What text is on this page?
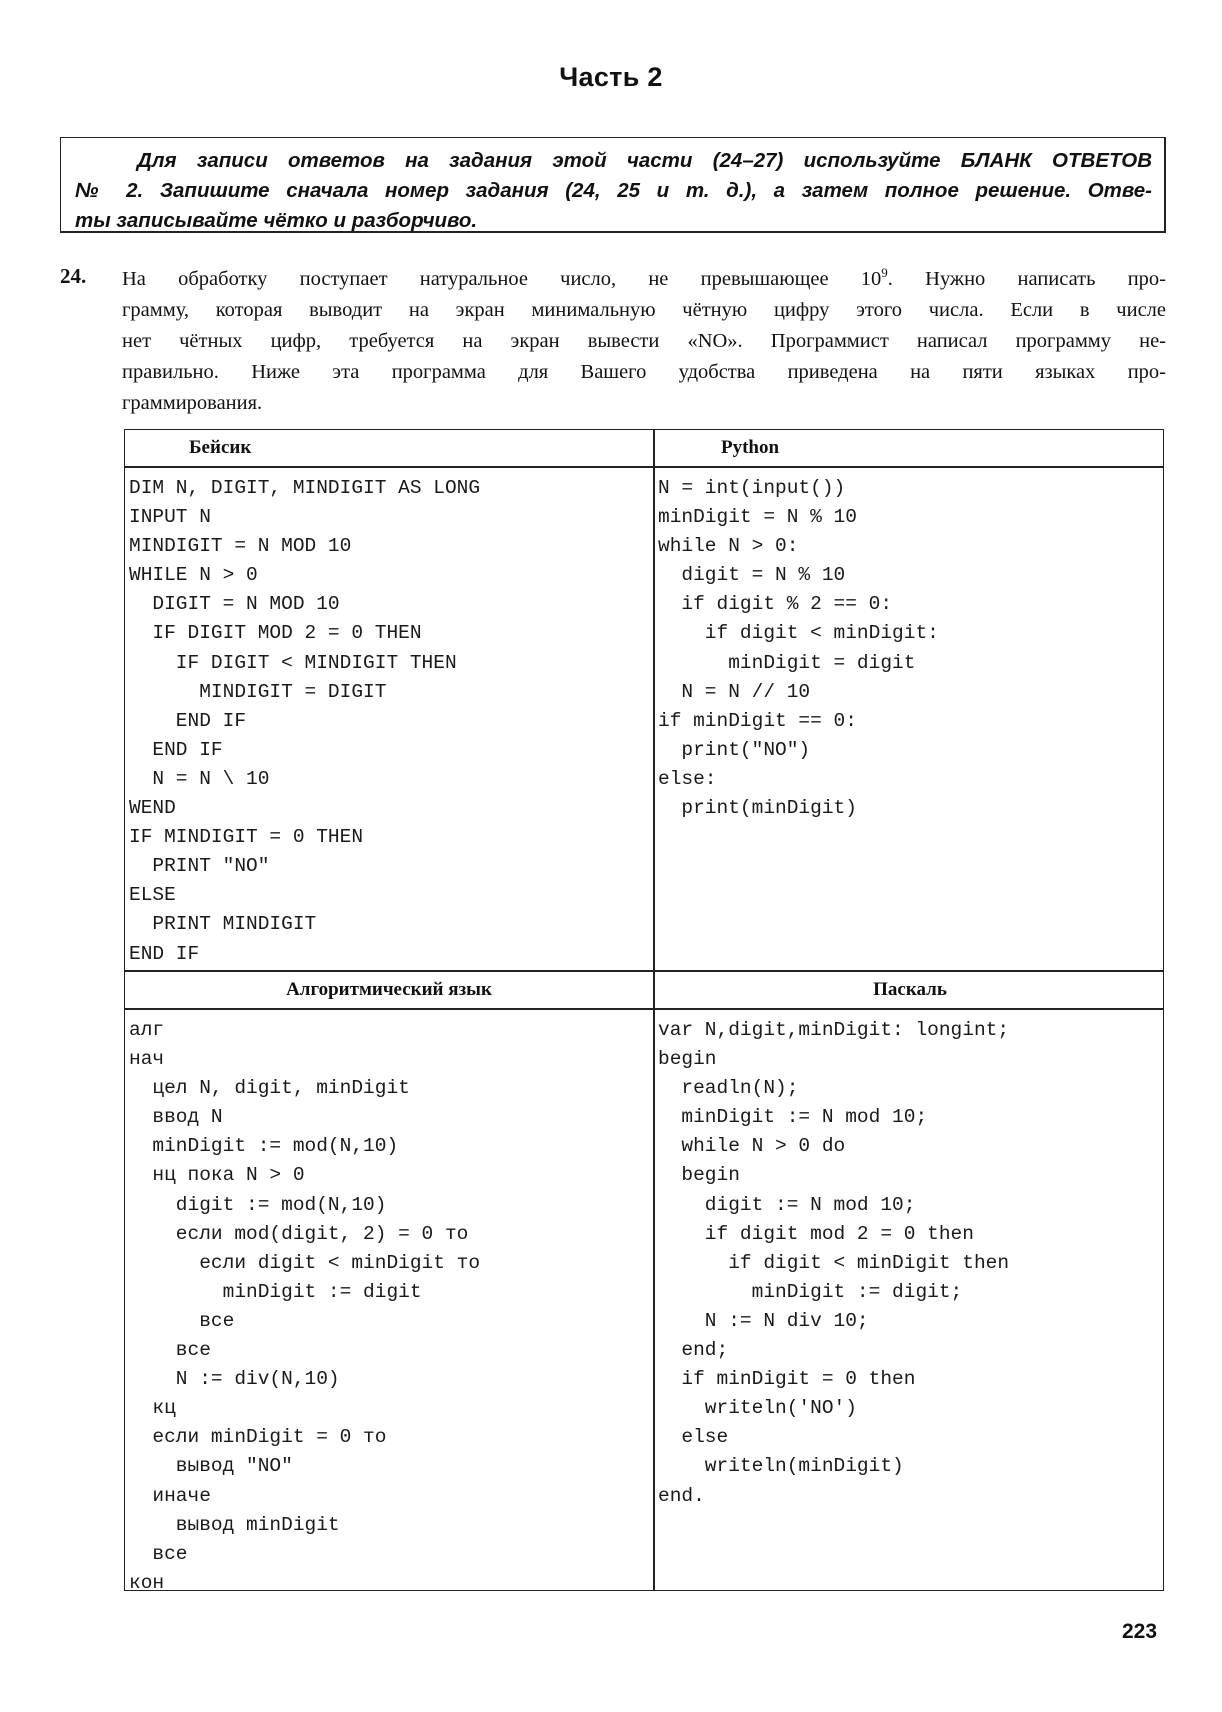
Часть 2
Для записи ответов на задания этой части (24–27) используйте БЛАНК ОТВЕТОВ
№ 2. Запишите сначала номер задания (24, 25 и т. д.), а затем полное решение. Отве-
ты записывайте чётко и разборчиво.
24. На обработку поступает натуральное число, не превышающее $10^9$. Нужно написать про-
грамму, которая выводит на экран минимальную чётную цифру этого числа. Если в числе
нет чётных цифр, требуется на экран вывести «NO». Программист написал программу не-
правильно. Ниже эта программа для Вашего удобства приведена на пяти языках про-
граммирования.
Бейсик	Python
Алгоритмический язык	Паскаль
DIM N, DIGIT, MINDIGIT AS LONG
INPUT N
MINDIGIT = N MOD 10
WHILE N > 0
DIGIT = N MOD 10
IF DIGIT MOD 2 = 0 THEN
IF DIGIT < MINDIGIT THEN
MINDIGIT = DIGIT
END IF
END IF
N = N \ 10
WEND
IF MINDIGIT = 0 THEN
PRINT "NO"
ELSE
PRINT MINDIGIT
END IF
N = int(input())
minDigit = N % 10
while N > 0:
digit = N % 10
if digit % 2 == 0:
if digit < minDigit:
minDigit = digit
N = N // 10
if minDigit == 0:
print("NO")
else:
print(minDigit)
алг
нач
цел N, digit, minDigit
ввод N
minDigit := mod(N,10)
нц пока N > 0
digit := mod(N,10)
если mod(digit, 2) = 0 то
если digit < minDigit то
minDigit := digit
все
все
N := div(N,10)
кц
если minDigit = 0 то
вывод "NO"
иначе
вывод minDigit
все
кон
var N,digit,minDigit: longint;
begin
readln(N);
minDigit := N mod 10;
while N > 0 do
begin
digit := N mod 10;
if digit mod 2 = 0 then
if digit < minDigit then
minDigit := digit;
N := N div 10;
end;
if minDigit = 0 then
writeln('NO')
else
writeln(minDigit)
end.
223
